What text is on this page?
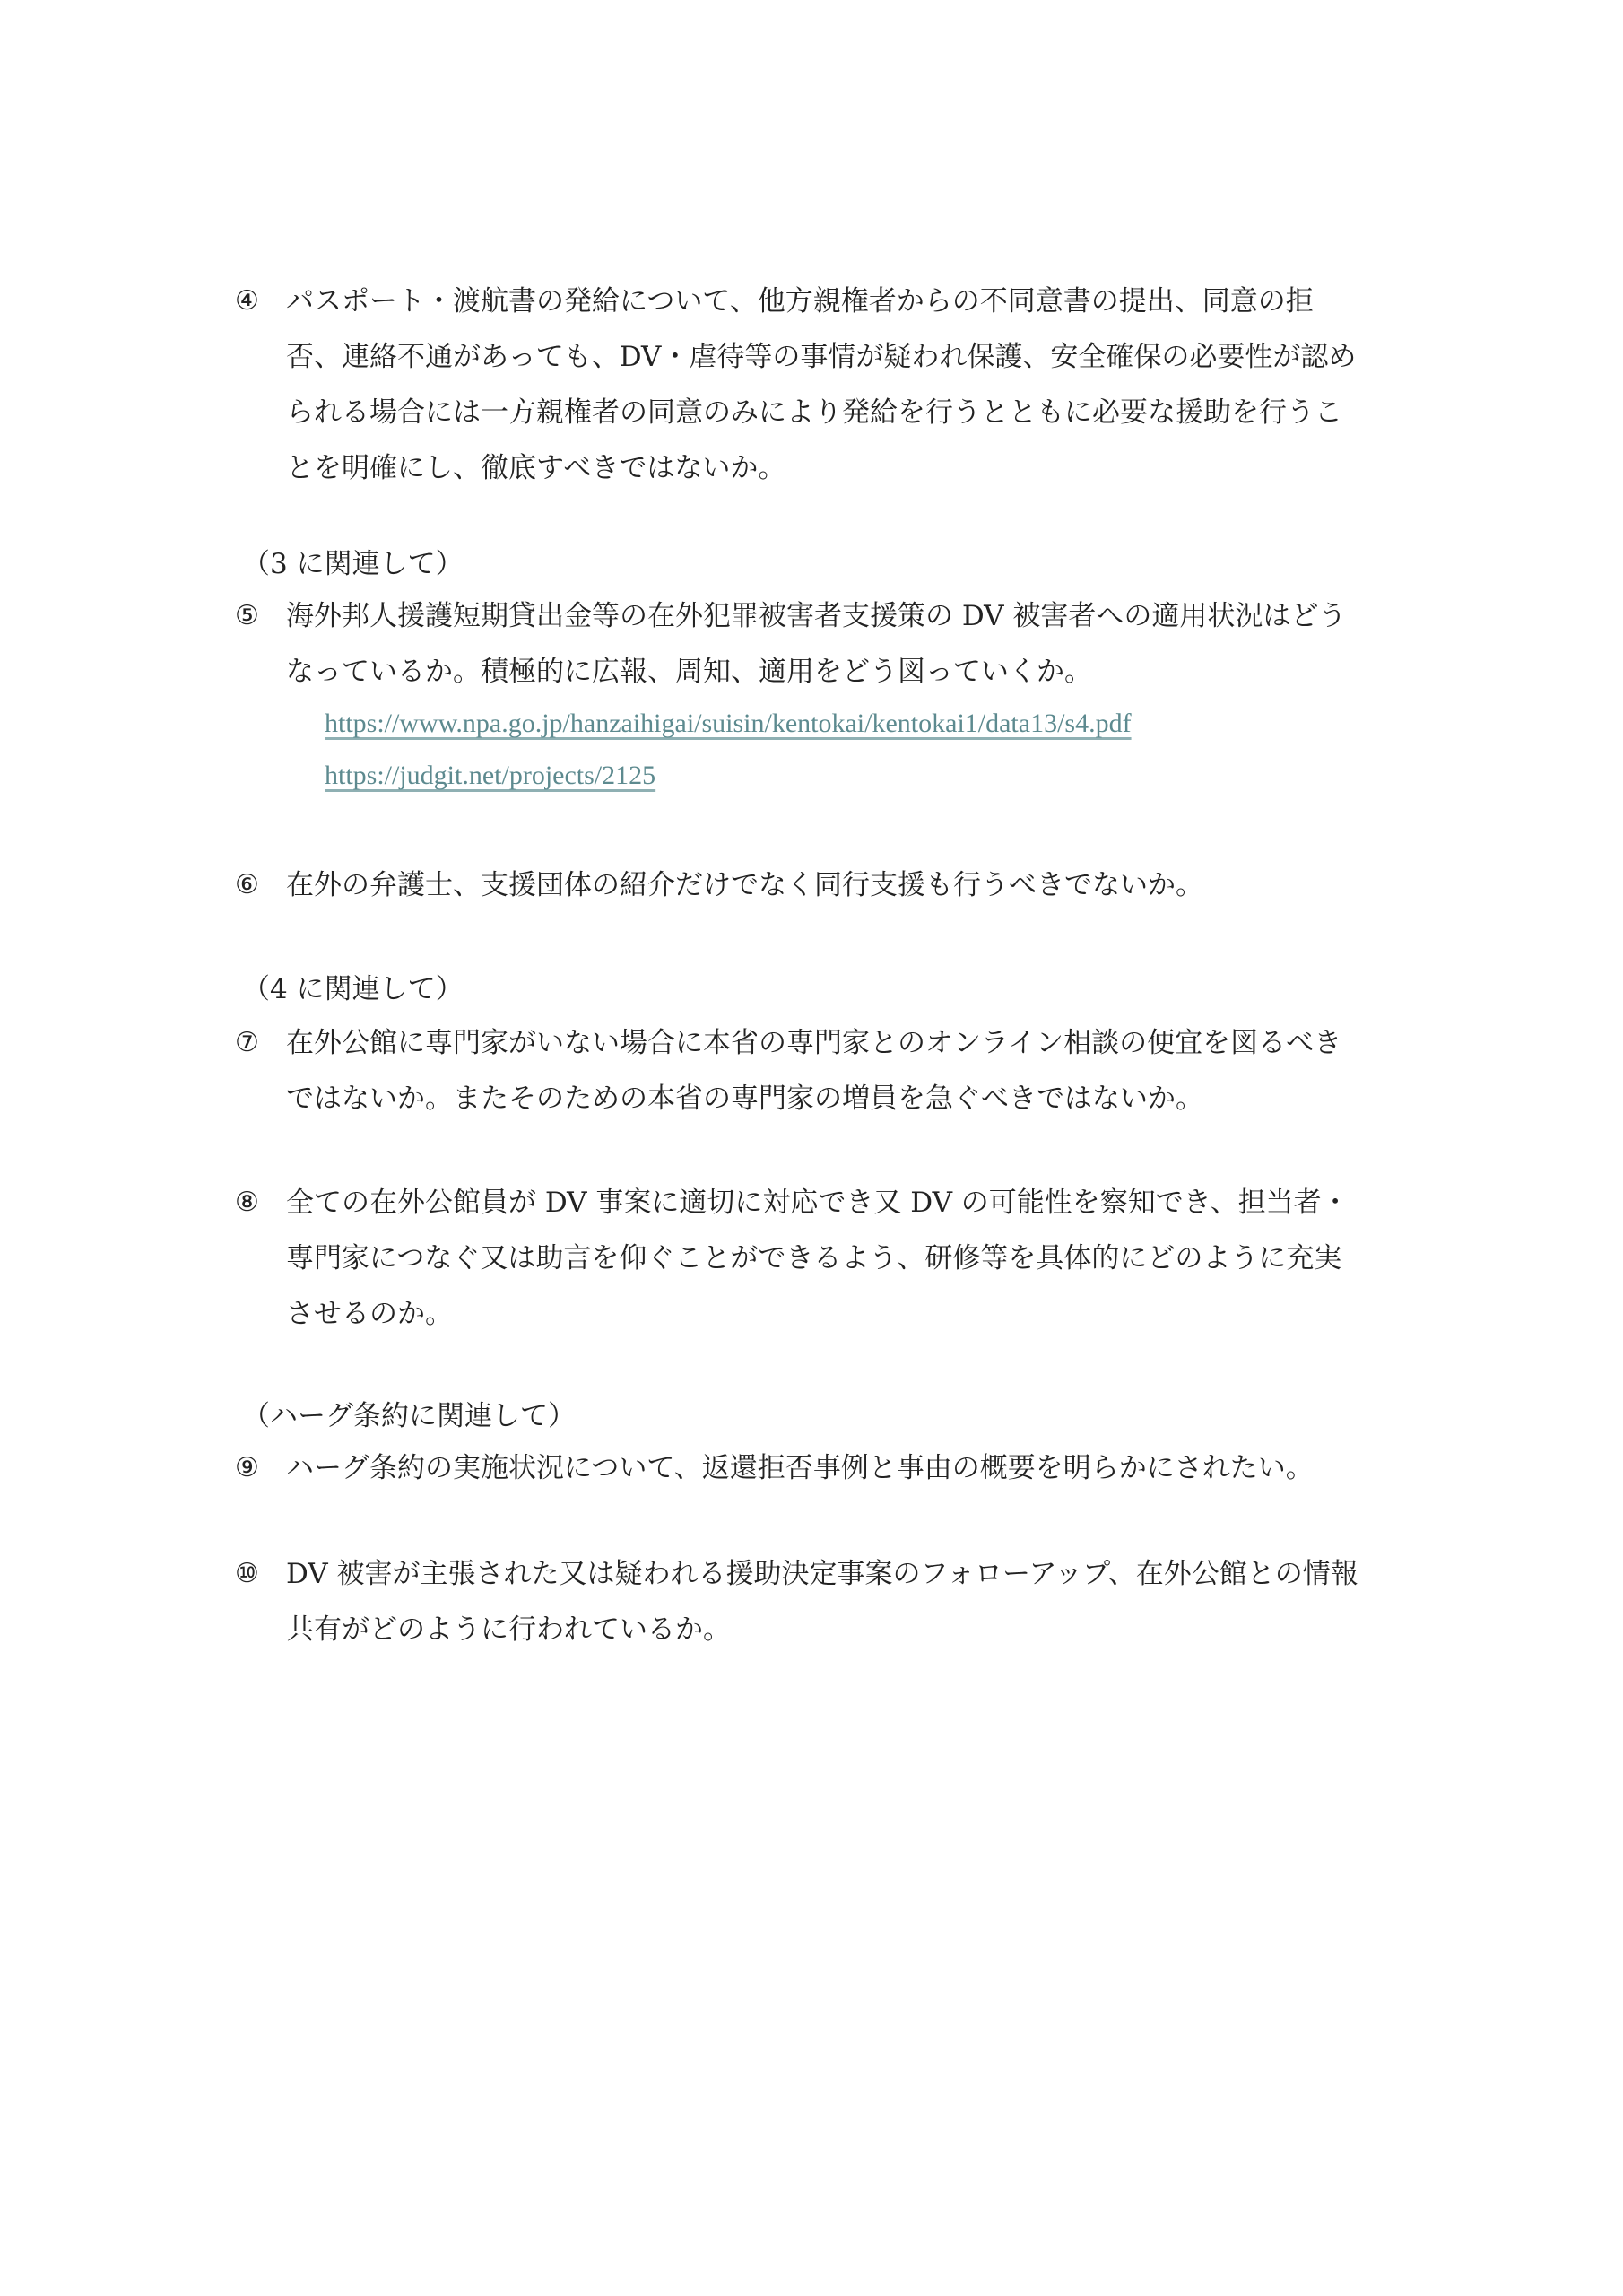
④ パスポート・渡航書の発給について、他方親権者からの不同意書の提出、同意の拒
否、連絡不通があっても、DV・虐待等の事情が疑われ保護、安全確保の必要性が認め
られる場合には一方親権者の同意のみにより発給を行うとともに必要な援助を行うこ
とを明確にし、徹底すべきではないか。
（3 に関連して）
⑤ 海外邦人援護短期貸出金等の在外犯罪被害者支援策の DV 被害者への適用状況はどう
なっているか。積極的に広報、周知、適用をどう図っていくか。
https://www.npa.go.jp/hanzaihigai/suisin/kentokai/kentokai1/data13/s4.pdf
https://judgit.net/projects/2125
⑥ 在外の弁護士、支援団体の紹介だけでなく同行支援も行うべきでないか。
（4 に関連して）
⑦ 在外公館に専門家がいない場合に本省の専門家とのオンライン相談の便宜を図るべき
ではないか。またそのための本省の専門家の増員を急ぐべきではないか。
⑧ 全ての在外公館員が DV 事案に適切に対応でき又 DV の可能性を察知でき、担当者・
専門家につなぐ又は助言を仰ぐことができるよう、研修等を具体的にどのように充実
させるのか。
（ハーグ条約に関連して）
⑨ ハーグ条約の実施状況について、返還拒否事例と事由の概要を明らかにされたい。
⑩ DV 被害が主張された又は疑われる援助決定事案のフォローアップ、在外公館との情報
共有がどのように行われているか。
